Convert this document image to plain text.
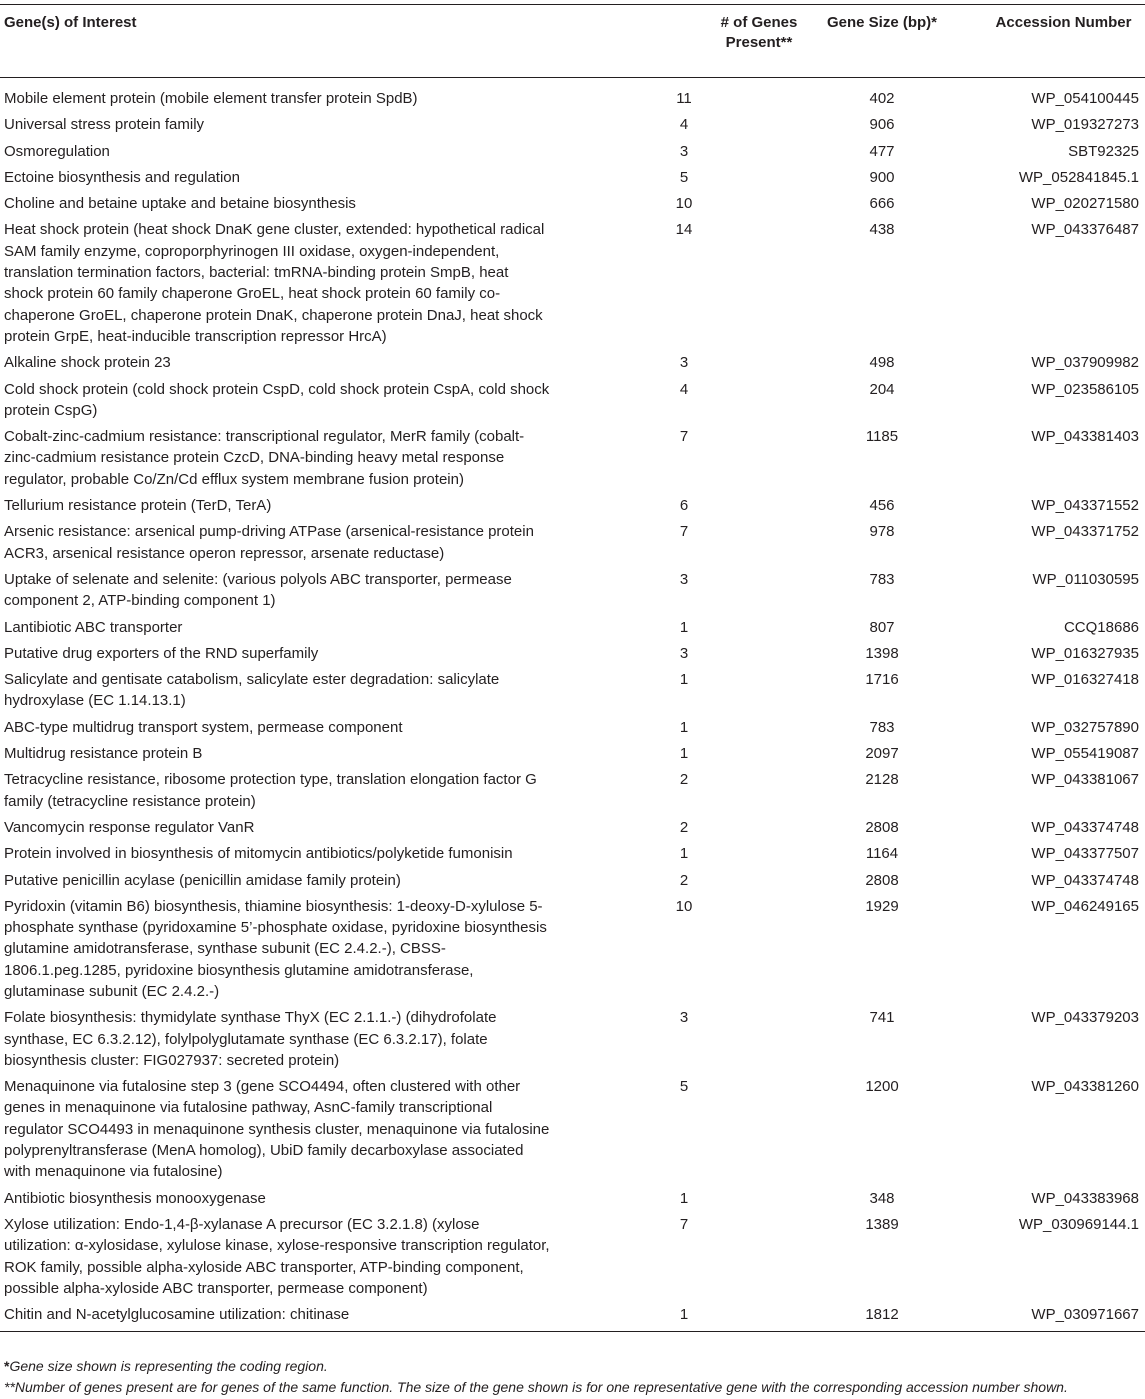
Gene(s) of Interest	# of Genes Present**	Gene Size (bp)*	Accession Number
Mobile element protein (mobile element transfer protein SpdB)	11	402	WP_054100445
Universal stress protein family	4	906	WP_019327273
Osmoregulation	3	477	SBT92325
Ectoine biosynthesis and regulation	5	900	WP_052841845.1
Choline and betaine uptake and betaine biosynthesis	10	666	WP_020271580
Heat shock protein (heat shock DnaK gene cluster, extended: hypothetical radical SAM family enzyme, coproporphyrinogen III oxidase, oxygen-independent, translation termination factors, bacterial: tmRNA-binding protein SmpB, heat shock protein 60 family chaperone GroEL, heat shock protein 60 family co-chaperone GroEL, chaperone protein DnaK, chaperone protein DnaJ, heat shock protein GrpE, heat-inducible transcription repressor HrcA)	14	438	WP_043376487
Alkaline shock protein 23	3	498	WP_037909982
Cold shock protein (cold shock protein CspD, cold shock protein CspA, cold shock protein CspG)	4	204	WP_023586105
Cobalt-zinc-cadmium resistance: transcriptional regulator, MerR family (cobalt-zinc-cadmium resistance protein CzcD, DNA-binding heavy metal response regulator, probable Co/Zn/Cd efflux system membrane fusion protein)	7	1185	WP_043381403
Tellurium resistance protein (TerD, TerA)	6	456	WP_043371552
Arsenic resistance: arsenical pump-driving ATPase (arsenical-resistance protein ACR3, arsenical resistance operon repressor, arsenate reductase)	7	978	WP_043371752
Uptake of selenate and selenite: (various polyols ABC transporter, permease component 2, ATP-binding component 1)	3	783	WP_011030595
Lantibiotic ABC transporter	1	807	CCQ18686
Putative drug exporters of the RND superfamily	3	1398	WP_016327935
Salicylate and gentisate catabolism, salicylate ester degradation: salicylate hydroxylase (EC 1.14.13.1)	1	1716	WP_016327418
ABC-type multidrug transport system, permease component	1	783	WP_032757890
Multidrug resistance protein B	1	2097	WP_055419087
Tetracycline resistance, ribosome protection type, translation elongation factor G family (tetracycline resistance protein)	2	2128	WP_043381067
Vancomycin response regulator VanR	2	2808	WP_043374748
Protein involved in biosynthesis of mitomycin antibiotics/polyketide fumonisin	1	1164	WP_043377507
Putative penicillin acylase (penicillin amidase family protein)	2	2808	WP_043374748
Pyridoxin (vitamin B6) biosynthesis, thiamine biosynthesis: 1-deoxy-D-xylulose 5-phosphate synthase (pyridoxamine 5’-phosphate oxidase, pyridoxine biosynthesis glutamine amidotransferase, synthase subunit (EC 2.4.2.-), CBSS-1806.1.peg.1285, pyridoxine biosynthesis glutamine amidotransferase, glutaminase subunit (EC 2.4.2.-)	10	1929	WP_046249165
Folate biosynthesis: thymidylate synthase ThyX (EC 2.1.1.-) (dihydrofolate synthase, EC 6.3.2.12), folylpolyglutamate synthase (EC 6.3.2.17), folate biosynthesis cluster: FIG027937: secreted protein)	3	741	WP_043379203
Menaquinone via futalosine step 3 (gene SCO4494, often clustered with other genes in menaquinone via futalosine pathway, AsnC-family transcriptional regulator SCO4493 in menaquinone synthesis cluster, menaquinone via futalosine polyprenyltransferase (MenA homolog), UbiD family decarboxylase associated with menaquinone via futalosine)	5	1200	WP_043381260
Antibiotic biosynthesis monooxygenase	1	348	WP_043383968
Xylose utilization: Endo-1,4-β-xylanase A precursor (EC 3.2.1.8) (xylose utilization: α-xylosidase, xylulose kinase, xylose-responsive transcription regulator, ROK family, possible alpha-xyloside ABC transporter, ATP-binding component, possible alpha-xyloside ABC transporter, permease component)	7	1389	WP_030969144.1
Chitin and N-acetylglucosamine utilization: chitinase	1	1812	WP_030971667

*Gene size shown is representing the coding region.

**Number of genes present are for genes of the same function. The size of the gene shown is for one representative gene with the corresponding accession number shown.
